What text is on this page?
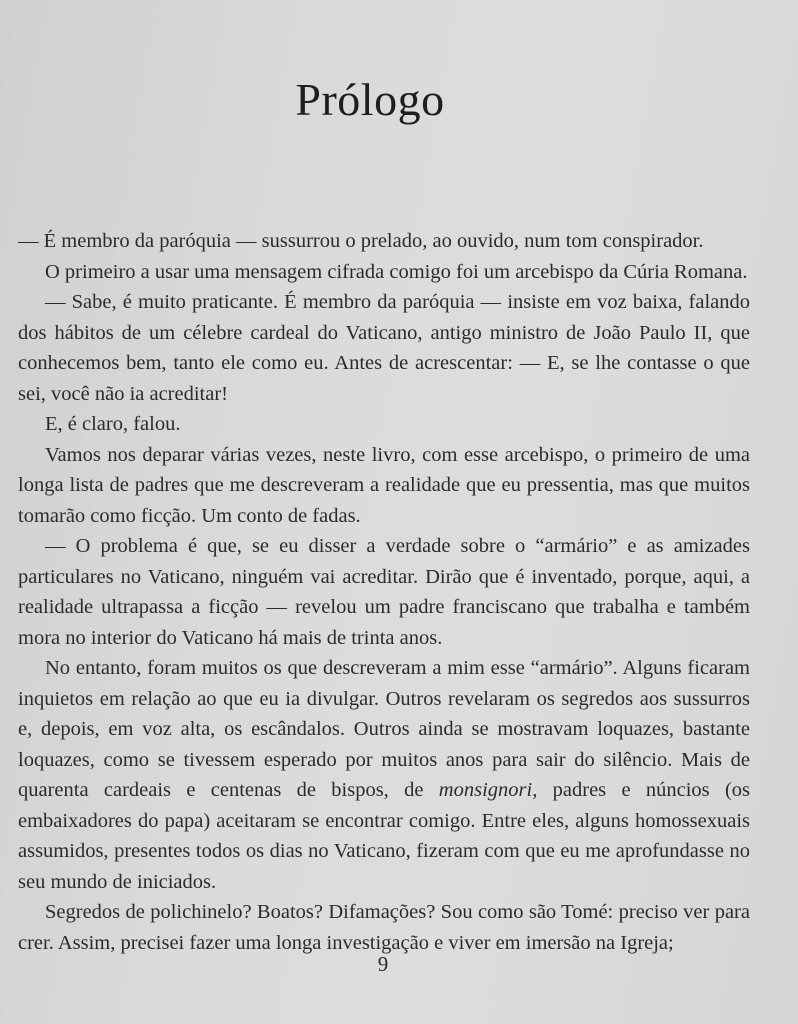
Prólogo

— É membro da paróquia — sussurrou o prelado, ao ouvido, num tom conspirador.

O primeiro a usar uma mensagem cifrada comigo foi um arcebispo da Cúria Romana.

— Sabe, é muito praticante. É membro da paróquia — insiste em voz baixa, falando dos hábitos de um célebre cardeal do Vaticano, antigo ministro de João Paulo II, que conhecemos bem, tanto ele como eu. Antes de acrescentar: — E, se lhe contasse o que sei, você não ia acreditar!

E, é claro, falou.

Vamos nos deparar várias vezes, neste livro, com esse arcebispo, o primeiro de uma longa lista de padres que me descreveram a realidade que eu pressentia, mas que muitos tomarão como ficção. Um conto de fadas.

— O problema é que, se eu disser a verdade sobre o “armário” e as amizades particulares no Vaticano, ninguém vai acreditar. Dirão que é inventado, porque, aqui, a realidade ultrapassa a ficção — revelou um padre franciscano que trabalha e também mora no interior do Vaticano há mais de trinta anos.

No entanto, foram muitos os que descreveram a mim esse “armário”. Alguns ficaram inquietos em relação ao que eu ia divulgar. Outros revelaram os segredos aos sussurros e, depois, em voz alta, os escândalos. Outros ainda se mostravam loquazes, bastante loquazes, como se tivessem esperado por muitos anos para sair do silêncio. Mais de quarenta cardeais e centenas de bispos, de monsignori, padres e núncios (os embaixadores do papa) aceitaram se encontrar comigo. Entre eles, alguns homossexuais assumidos, presentes todos os dias no Vaticano, fizeram com que eu me aprofundasse no seu mundo de iniciados.

Segredos de polichinelo? Boatos? Difamações? Sou como são Tomé: preciso ver para crer. Assim, precisei fazer uma longa investigação e viver em imersão na Igreja;

9
